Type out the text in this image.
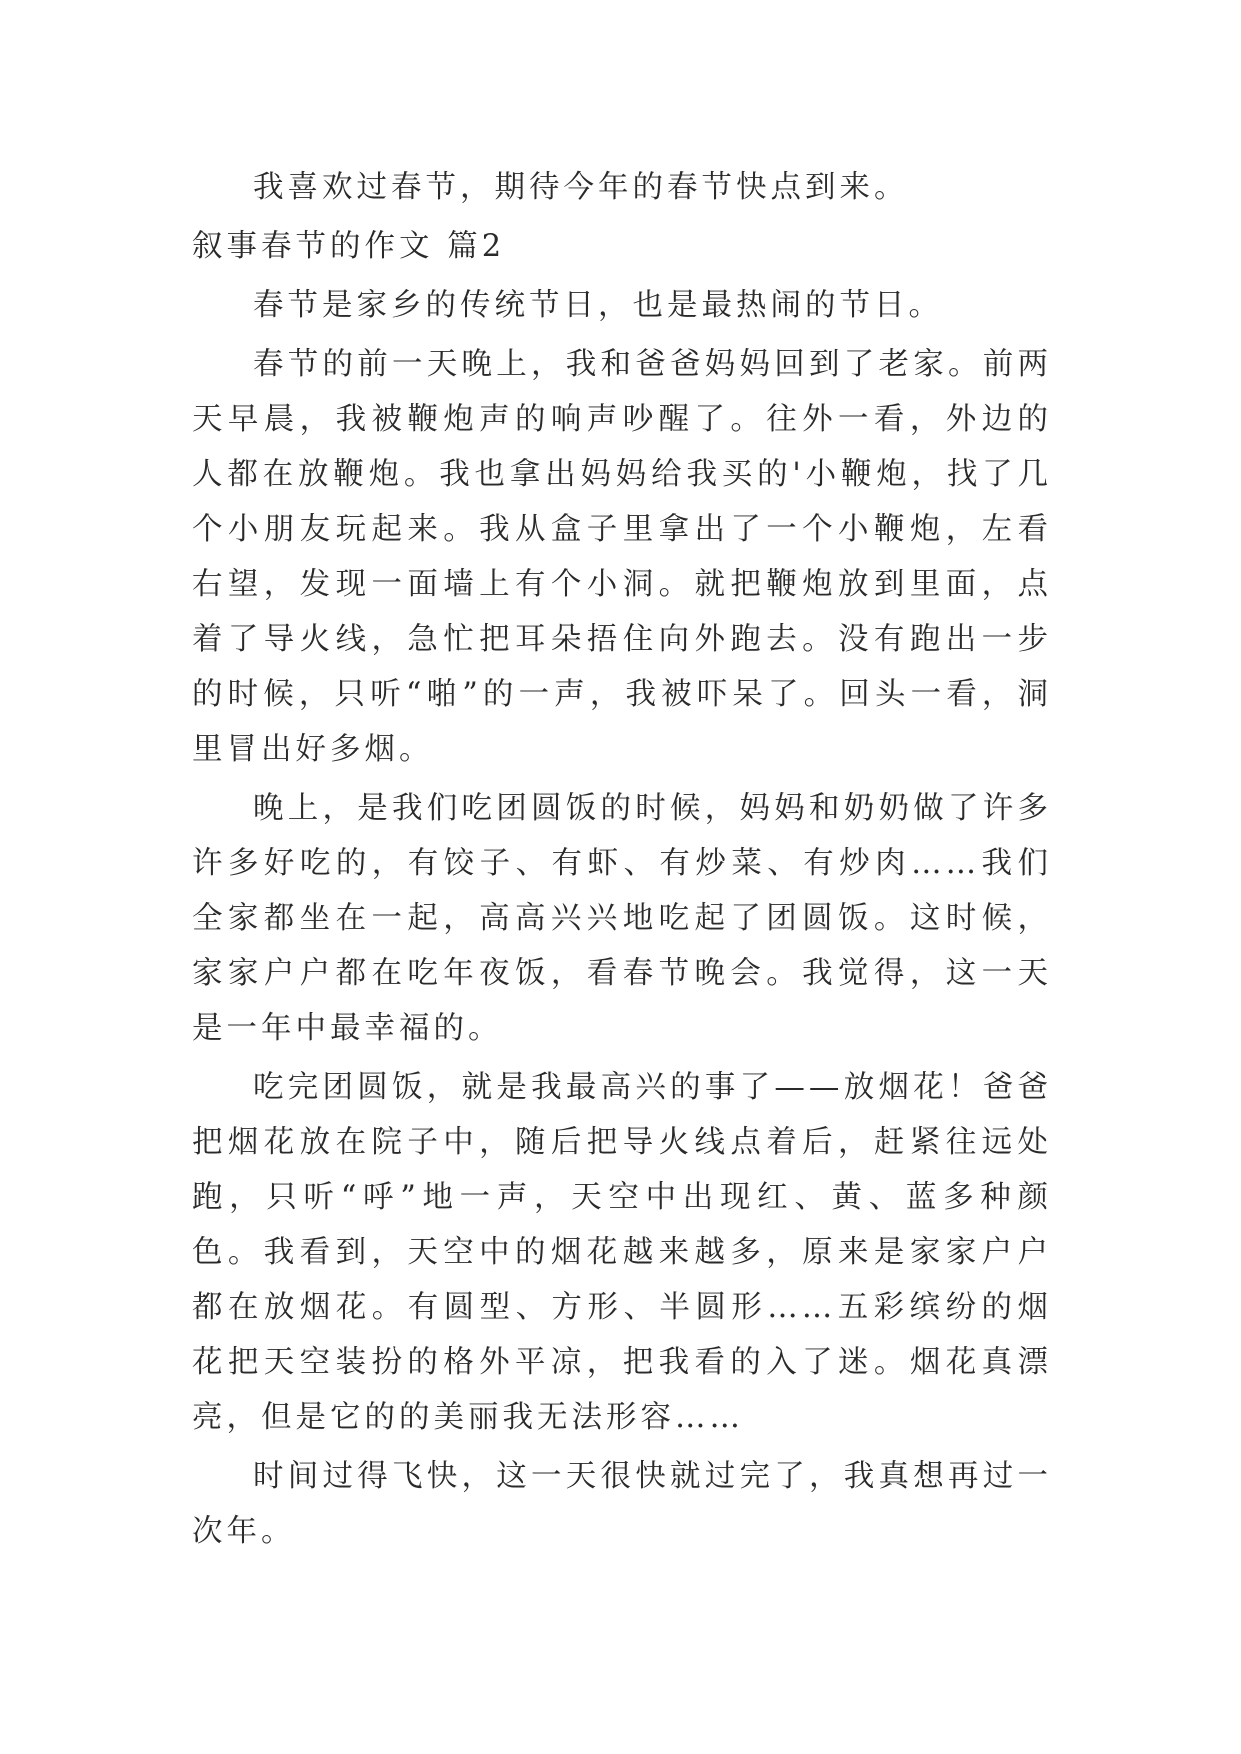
我喜欢过春节，期待今年的春节快点到来。

叙事春节的作文 篇2

春节是家乡的传统节日，也是最热闹的节日。

春节的前一天晚上，我和爸爸妈妈回到了老家。前两天早晨，我被鞭炮声的响声吵醒了。往外一看，外边的人都在放鞭炮。我也拿出妈妈给我买的'小鞭炮，找了几个小朋友玩起来。我从盒子里拿出了一个小鞭炮，左看右望，发现一面墙上有个小洞。就把鞭炮放到里面，点着了导火线，急忙把耳朵捂住向外跑去。没有跑出一步的时候，只听“啪”的一声，我被吓呆了。回头一看，洞里冒出好多烟。

晚上，是我们吃团圆饭的时候，妈妈和奶奶做了许多许多好吃的，有饺子、有虾、有炒菜、有炒肉……我们全家都坐在一起，高高兴兴地吃起了团圆饭。这时候，家家户户都在吃年夜饭，看春节晚会。我觉得，这一天是一年中最幸福的。

吃完团圆饭，就是我最高兴的事了——放烟花！爸爸把烟花放在院子中，随后把导火线点着后，赶紧往远处跑，只听“呼”地一声，天空中出现红、黄、蓝多种颜色。我看到，天空中的烟花越来越多，原来是家家户户都在放烟花。有圆型、方形、半圆形……五彩缤纷的烟花把天空装扮的格外平凉，把我看的入了迷。烟花真漂亮，但是它的的美丽我无法形容……

时间过得飞快，这一天很快就过完了，我真想再过一次年。
